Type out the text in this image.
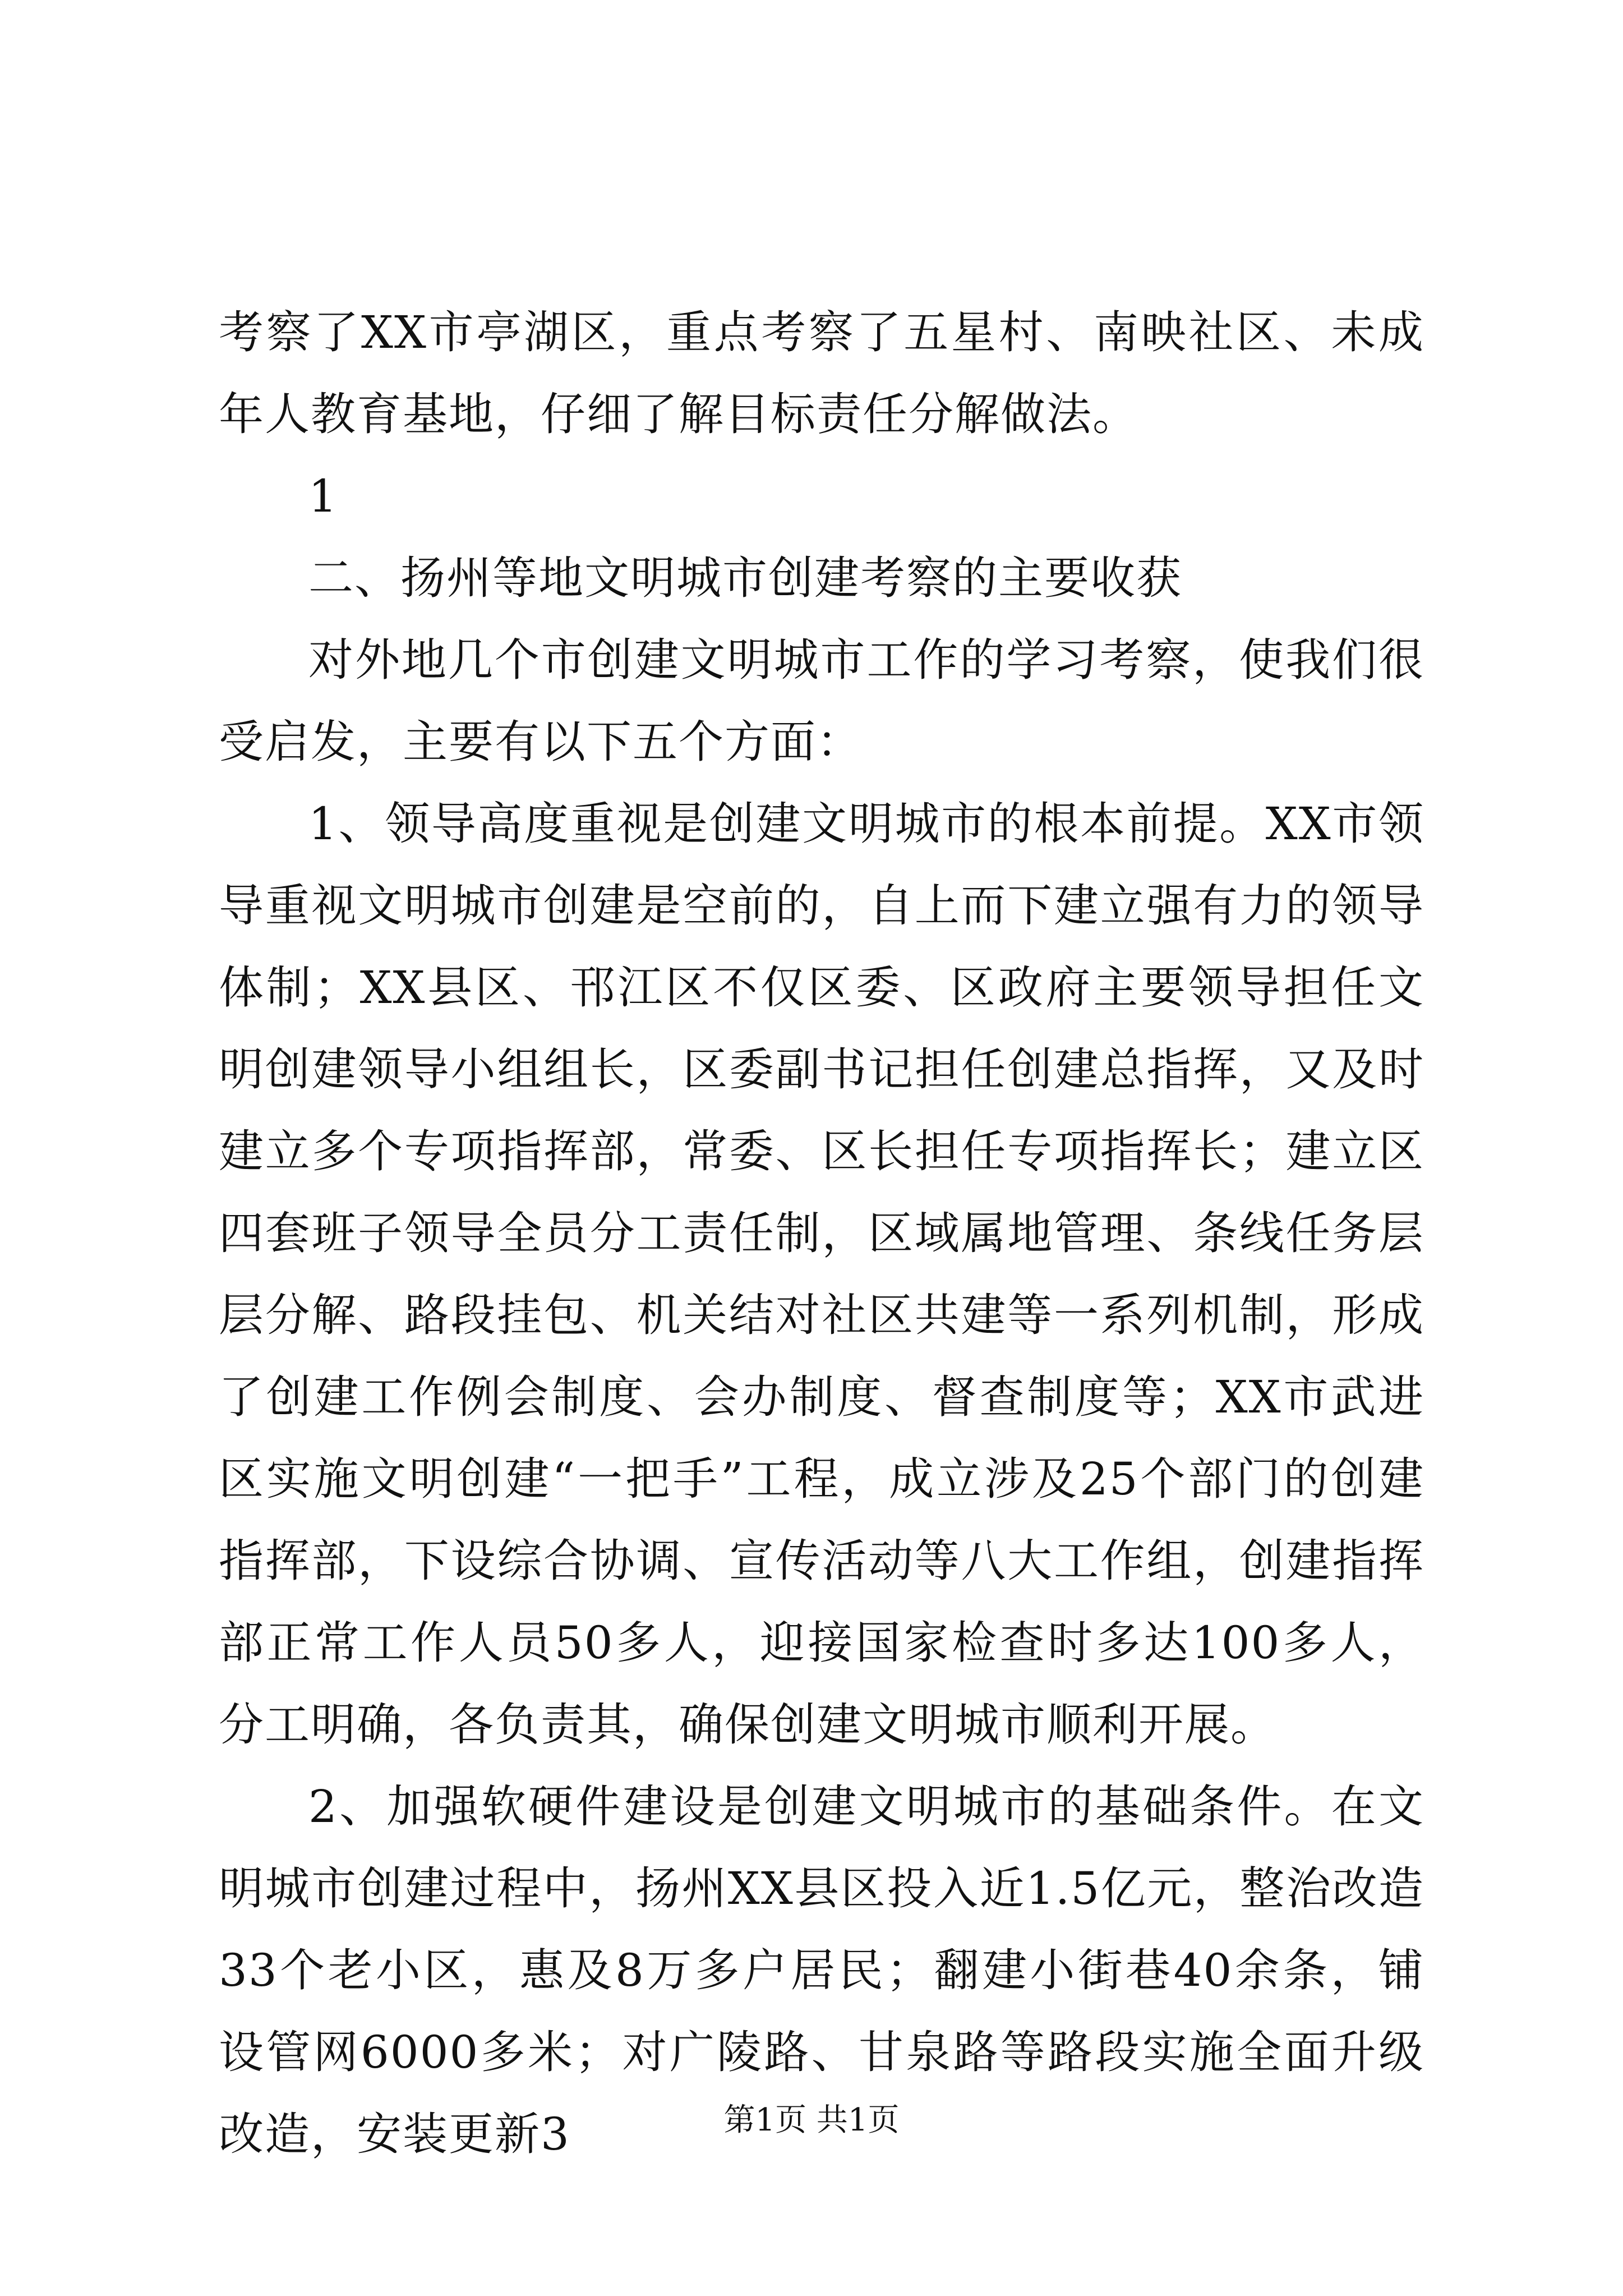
考察了XX市亭湖区，重点考察了五星村、南映社区、未成年人教育基地，仔细了解目标责任分解做法。

1

二、扬州等地文明城市创建考察的主要收获

对外地几个市创建文明城市工作的学习考察，使我们很受启发，主要有以下五个方面：

1、领导高度重视是创建文明城市的根本前提。XX市领导重视文明城市创建是空前的，自上而下建立强有力的领导体制；XX县区、邗江区不仅区委、区政府主要领导担任文明创建领导小组组长，区委副书记担任创建总指挥，又及时建立多个专项指挥部，常委、区长担任专项指挥长；建立区四套班子领导全员分工责任制，区域属地管理、条线任务层层分解、路段挂包、机关结对社区共建等一系列机制，形成了创建工作例会制度、会办制度、督查制度等；XX市武进区实施文明创建“一把手”工程，成立涉及25个部门的创建指挥部，下设综合协调、宣传活动等八大工作组，创建指挥部正常工作人员50多人，迎接国家检查时多达100多人，分工明确，各负责其，确保创建文明城市顺利开展。

2、加强软硬件建设是创建文明城市的基础条件。在文明城市创建过程中，扬州XX县区投入近1.5亿元，整治改造33个老小区，惠及8万多户居民；翻建小街巷40余条，铺设管网6000多米；对广陵路、甘泉路等路段实施全面升级改造，安装更新3	第1页 共1页
